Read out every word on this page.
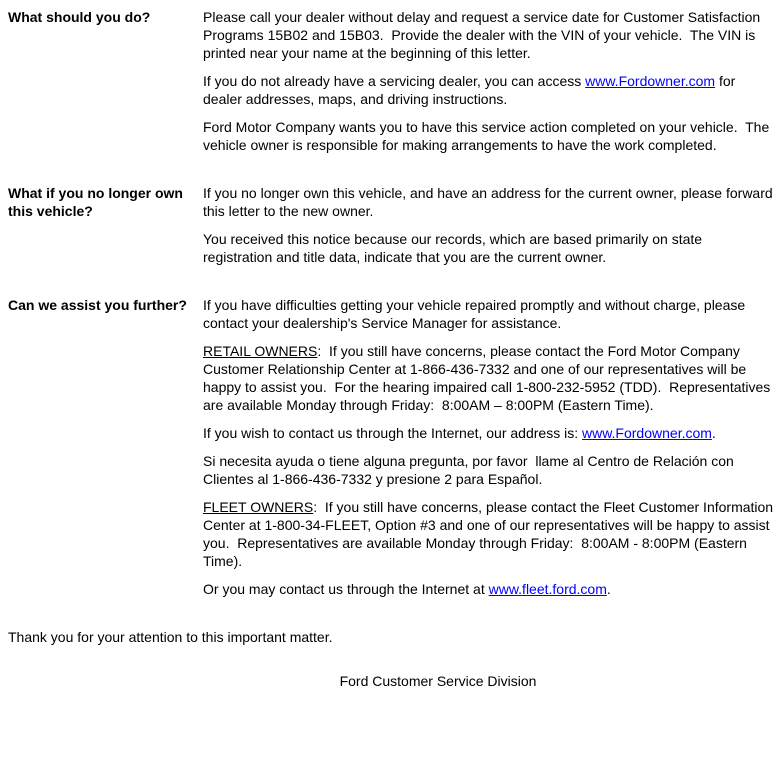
What should you do?	Please call your dealer without delay and request a service date for Customer Satisfaction Programs 15B02 and 15B03.  Provide the dealer with the VIN of your vehicle.  The VIN is printed near your name at the beginning of this letter.

If you do not already have a servicing dealer, you can access www.Fordowner.com for dealer addresses, maps, and driving instructions.

Ford Motor Company wants you to have this service action completed on your vehicle.  The vehicle owner is responsible for making arrangements to have the work completed.

What if you no longer own this vehicle?

If you no longer own this vehicle, and have an address for the current owner, please forward this letter to the new owner.

You received this notice because our records, which are based primarily on state registration and title data, indicate that you are the current owner.

Can we assist you further?	If you have difficulties getting your vehicle repaired promptly and without charge, please contact your dealership's Service Manager for assistance.

RETAIL OWNERS:  If you still have concerns, please contact the Ford Motor Company Customer Relationship Center at 1-866-436-7332 and one of our representatives will be happy to assist you.  For the hearing impaired call 1-800-232-5952 (TDD).  Representatives are available Monday through Friday:  8:00AM – 8:00PM (Eastern Time).

If you wish to contact us through the Internet, our address is: www.Fordowner.com.

Si necesita ayuda o tiene alguna pregunta, por favor  llame al Centro de Relación con Clientes al 1-866-436-7332 y presione 2 para Español.

FLEET OWNERS:  If you still have concerns, please contact the Fleet Customer Information Center at 1-800-34-FLEET, Option #3 and one of our representatives will be happy to assist you.  Representatives are available Monday through Friday:  8:00AM - 8:00PM (Eastern Time).

Or you may contact us through the Internet at www.fleet.ford.com.

Thank you for your attention to this important matter.

Ford Customer Service Division
